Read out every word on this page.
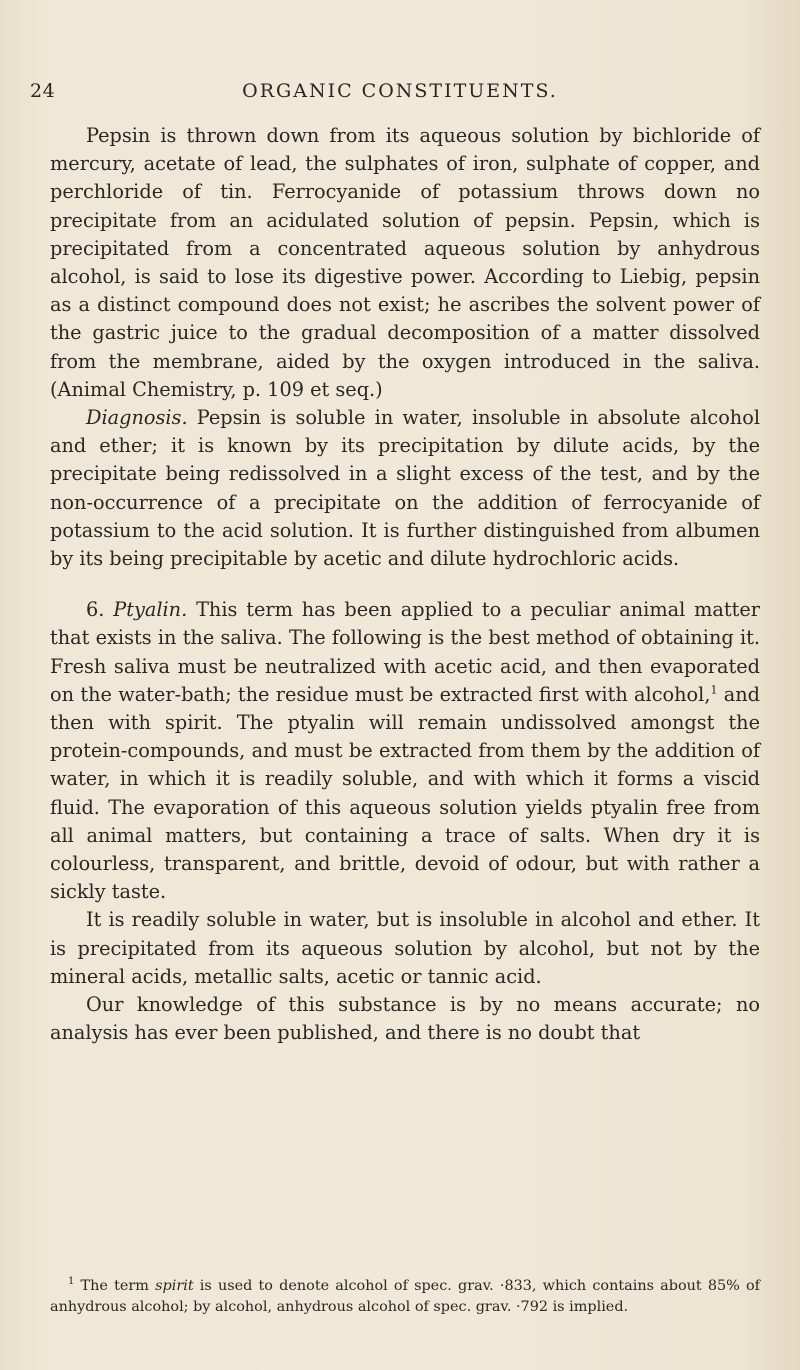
24	ORGANIC CONSTITUENTS.

Pepsin is thrown down from its aqueous solution by bichloride of mercury, acetate of lead, the sulphates of iron, sulphate of copper, and perchloride of tin. Ferrocyanide of potassium throws down no precipitate from an acidulated solution of pepsin. Pepsin, which is precipitated from a concentrated aqueous solution by anhydrous alcohol, is said to lose its digestive power. According to Liebig, pepsin as a distinct compound does not exist; he ascribes the solvent power of the gastric juice to the gradual decomposition of a matter dissolved from the membrane, aided by the oxygen introduced in the saliva. (Animal Chemistry, p. 109 et seq.)

Diagnosis. Pepsin is soluble in water, insoluble in absolute alcohol and ether; it is known by its precipitation by dilute acids, by the precipitate being redissolved in a slight excess of the test, and by the non-occurrence of a precipitate on the addition of ferrocyanide of potassium to the acid solution. It is further distinguished from albumen by its being precipitable by acetic and dilute hydrochloric acids.

6. Ptyalin. This term has been applied to a peculiar animal matter that exists in the saliva. The following is the best method of obtaining it. Fresh saliva must be neutralized with acetic acid, and then evaporated on the water-bath; the residue must be extracted first with alcohol,$^1$ and then with spirit. The ptyalin will remain undissolved amongst the protein-compounds, and must be extracted from them by the addition of water, in which it is readily soluble, and with which it forms a viscid fluid. The evaporation of this aqueous solution yields ptyalin free from all animal matters, but containing a trace of salts. When dry it is colourless, transparent, and brittle, devoid of odour, but with rather a sickly taste.

It is readily soluble in water, but is insoluble in alcohol and ether. It is precipitated from its aqueous solution by alcohol, but not by the mineral acids, metallic salts, acetic or tannic acid.

Our knowledge of this substance is by no means accurate; no analysis has ever been published, and there is no doubt that

$^1$ The term spirit is used to denote alcohol of spec. grav. ·833, which contains about 85% of anhydrous alcohol; by alcohol, anhydrous alcohol of spec. grav. ·792 is implied.
